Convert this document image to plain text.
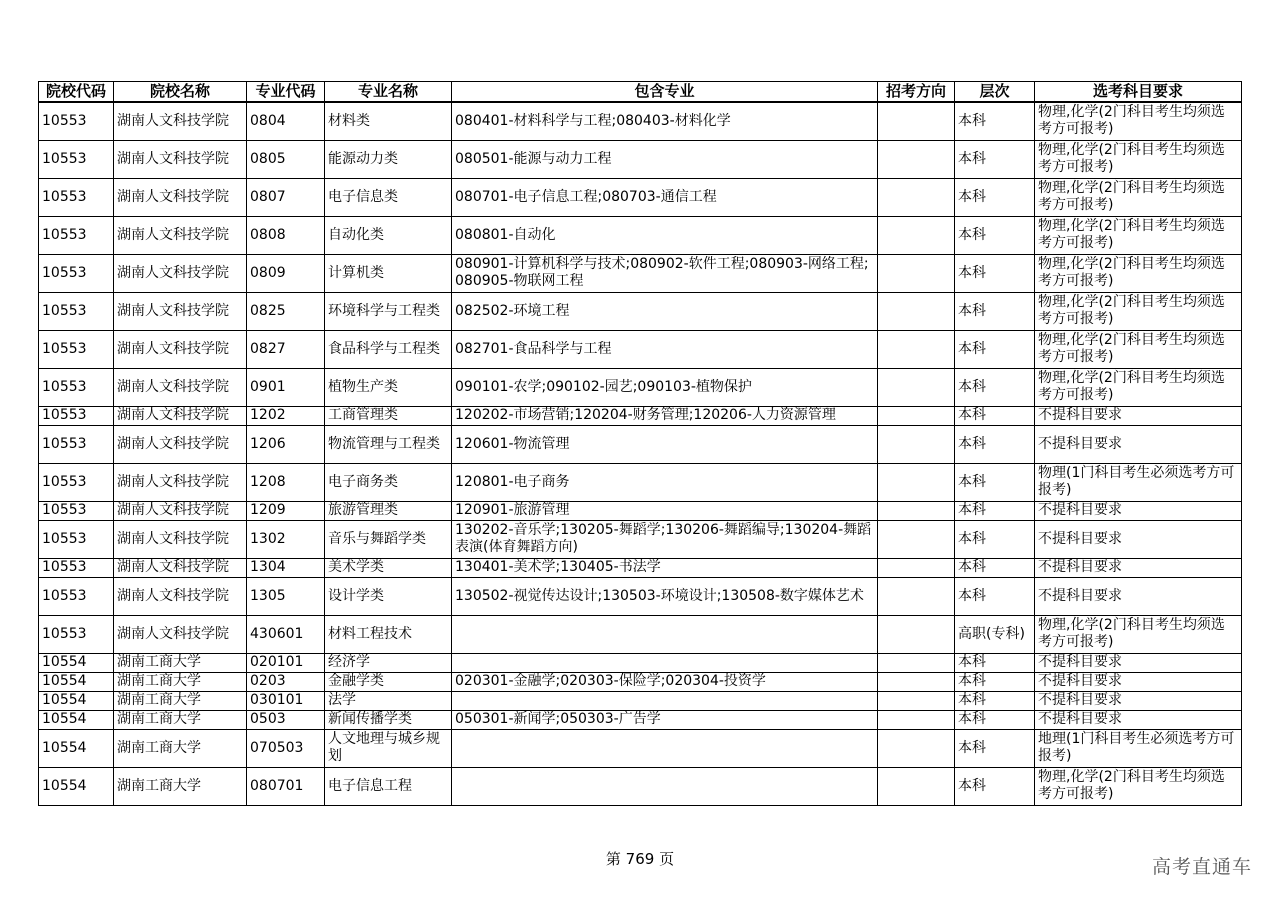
院校代码	院校名称	专业代码	专业名称	包含专业	招考方向	层次	选考科目要求
10553	湖南人文科技学院	0804	材料类	080401-材料科学与工程;080403-材料化学		本科	物理,化学(2门科目考生均须选考方可报考)
10553	湖南人文科技学院	0805	能源动力类	080501-能源与动力工程		本科	物理,化学(2门科目考生均须选考方可报考)
10553	湖南人文科技学院	0807	电子信息类	080701-电子信息工程;080703-通信工程		本科	物理,化学(2门科目考生均须选考方可报考)
10553	湖南人文科技学院	0808	自动化类	080801-自动化		本科	物理,化学(2门科目考生均须选考方可报考)
10553	湖南人文科技学院	0809	计算机类	080901-计算机科学与技术;080902-软件工程;080903-网络工程;080905-物联网工程		本科	物理,化学(2门科目考生均须选考方可报考)
10553	湖南人文科技学院	0825	环境科学与工程类	082502-环境工程		本科	物理,化学(2门科目考生均须选考方可报考)
10553	湖南人文科技学院	0827	食品科学与工程类	082701-食品科学与工程		本科	物理,化学(2门科目考生均须选考方可报考)
10553	湖南人文科技学院	0901	植物生产类	090101-农学;090102-园艺;090103-植物保护		本科	物理,化学(2门科目考生均须选考方可报考)
10553	湖南人文科技学院	1202	工商管理类	120202-市场营销;120204-财务管理;120206-人力资源管理		本科	不提科目要求
10553	湖南人文科技学院	1206	物流管理与工程类	120601-物流管理		本科	不提科目要求
10553	湖南人文科技学院	1208	电子商务类	120801-电子商务		本科	物理(1门科目考生必须选考方可报考)
10553	湖南人文科技学院	1209	旅游管理类	120901-旅游管理		本科	不提科目要求
10553	湖南人文科技学院	1302	音乐与舞蹈学类	130202-音乐学;130205-舞蹈学;130206-舞蹈编导;130204-舞蹈表演(体育舞蹈方向)		本科	不提科目要求
10553	湖南人文科技学院	1304	美术学类	130401-美术学;130405-书法学		本科	不提科目要求
10553	湖南人文科技学院	1305	设计学类	130502-视觉传达设计;130503-环境设计;130508-数字媒体艺术		本科	不提科目要求
10553	湖南人文科技学院	430601	材料工程技术			高职(专科)	物理,化学(2门科目考生均须选考方可报考)
10554	湖南工商大学	020101	经济学			本科	不提科目要求
10554	湖南工商大学	0203	金融学类	020301-金融学;020303-保险学;020304-投资学		本科	不提科目要求
10554	湖南工商大学	030101	法学			本科	不提科目要求
10554	湖南工商大学	0503	新闻传播学类	050301-新闻学;050303-广告学		本科	不提科目要求
10554	湖南工商大学	070503	人文地理与城乡规划			本科	地理(1门科目考生必须选考方可报考)
10554	湖南工商大学	080701	电子信息工程			本科	物理,化学(2门科目考生均须选考方可报考)
第 769 页	高考直通车
